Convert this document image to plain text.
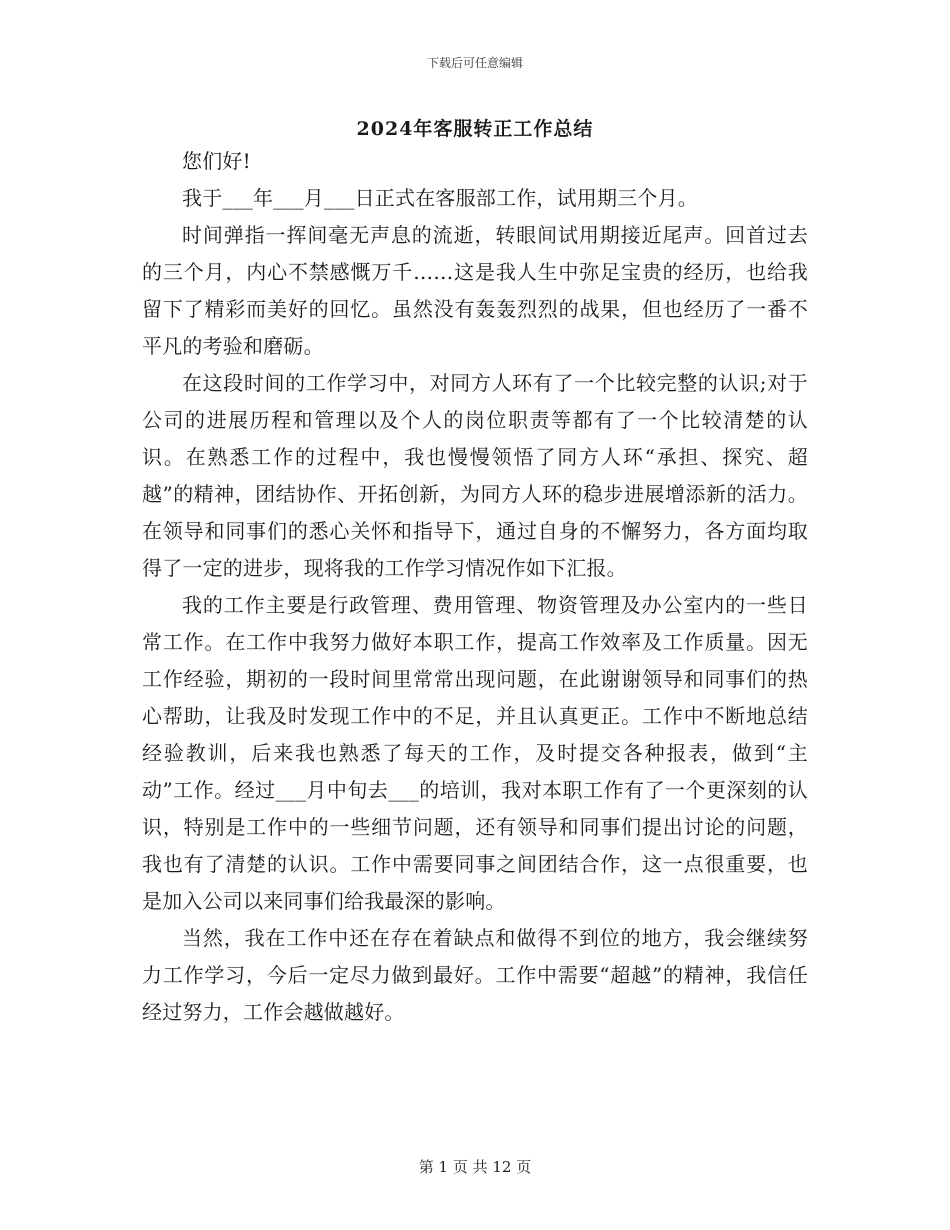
下载后可任意编辑
2024年客服转正工作总结

您们好!

我于___年___月___日正式在客服部工作，试用期三个月。

时间弹指一挥间毫无声息的流逝，转眼间试用期接近尾声。回首过去的三个月，内心不禁感慨万千……这是我人生中弥足宝贵的经历，也给我留下了精彩而美好的回忆。虽然没有轰轰烈烈的战果，但也经历了一番不平凡的考验和磨砺。

在这段时间的工作学习中，对同方人环有了一个比较完整的认识;对于公司的进展历程和管理以及个人的岗位职责等都有了一个比较清楚的认识。在熟悉工作的过程中，我也慢慢领悟了同方人环“承担、探究、超越”的精神，团结协作、开拓创新，为同方人环的稳步进展增添新的活力。在领导和同事们的悉心关怀和指导下，通过自身的不懈努力，各方面均取得了一定的进步，现将我的工作学习情况作如下汇报。

我的工作主要是行政管理、费用管理、物资管理及办公室内的一些日常工作。在工作中我努力做好本职工作，提高工作效率及工作质量。因无工作经验，期初的一段时间里常常出现问题，在此谢谢领导和同事们的热心帮助，让我及时发现工作中的不足，并且认真更正。工作中不断地总结经验教训，后来我也熟悉了每天的工作，及时提交各种报表，做到“主动”工作。经过___月中旬去___的培训，我对本职工作有了一个更深刻的认识，特别是工作中的一些细节问题，还有领导和同事们提出讨论的问题，我也有了清楚的认识。工作中需要同事之间团结合作，这一点很重要，也是加入公司以来同事们给我最深的影响。

当然，我在工作中还在存在着缺点和做得不到位的地方，我会继续努力工作学习，今后一定尽力做到最好。工作中需要“超越”的精神，我信任经过努力，工作会越做越好。

第 1 页 共 12 页
